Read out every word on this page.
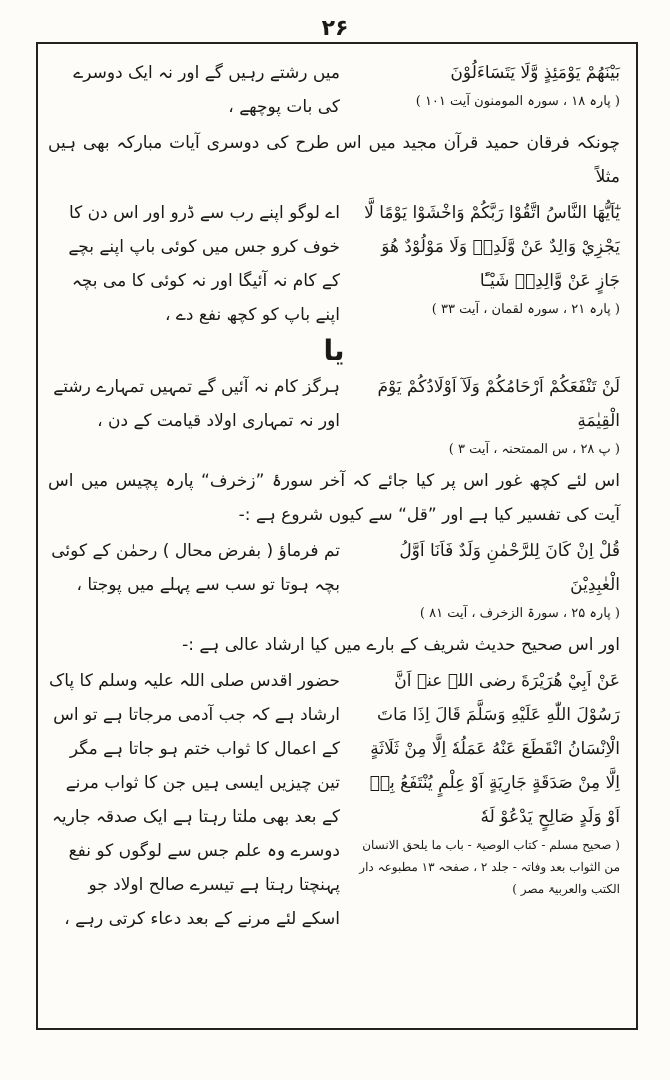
۲۶
بَيْنَهُمْ يَوْمَئِذٍ وَّلَا يَتَسَاءَلُوْنَ
( پارہ ۱۸ ، سورہ المومنون آیت ۱۰۱ )
میں رشتے رہیں گے اور نہ ایک دوسرے
کی بات پوچھے ،
چونکہ فرقان حمید قرآن مجید میں اس طرح کی دوسری آیات مبارکہ بھی ہیں مثلاً
يٰٓاَيُّهَا النَّاسُ اتَّقُوْا رَبَّكُمْ وَاخْشَوْا يَوْمًا لَّا يَجْزِيْ وَالِدٌ عَنْ وَّلَدِهٖ وَلَا مَوْلُوْدٌ هُوَ جَازٍ عَنْ وَّالِدِهٖ شَيْـًٔا
( پارہ ۲۱ ، سورہ لقمان ، آیت ۳۳ )
اے لوگو اپنے رب سے ڈرو اور اس دن کا خوف کرو جس میں کوئی باپ اپنے بچے کے کام نہ آئیگا اور نہ کوئی کا می بچہ اپنے باپ کو کچھ نفع دے ،
یا
لَنْ تَنْفَعَكُمْ اَرْحَامُكُمْ وَلَآ اَوْلَادُكُمْ يَوْمَ الْقِيٰمَةِ
( پ ۲۸ ، س الممتحنہ ، آیت ۳ )
ہرگز کام نہ آئیں گے تمہیں تمہارے رشتے اور نہ تمہاری اولاد قیامت کے دن ،
اس لئے کچھ غور اس پر کیا جائے کہ آخر سورۂ ”زخرف“ پارہ پچیس میں اس آیت کی تفسیر کیا ہے اور ”قل“ سے کیوں شروع ہے :-
قُلْ اِنْ كَانَ لِلرَّحْمٰنِ وَلَدٌ فَاَنَا اَوَّلُ الْعٰبِدِيْنَ
( پارہ ۲۵ ، سورۃ الزخرف ، آیت ۸۱ )
تم فرماؤ ( بفرض محال ) رحمٰن کے کوئی بچہ ہوتا تو سب سے پہلے میں پوجتا ،
اور اس صحیح حدیث شریف کے بارے میں کیا ارشاد عالی ہے :-
عَنْ اَبِيْ هُرَيْرَةَ رضی اللہ عنہ اَنَّ رَسُوْلَ اللّٰهِ عَلَيْهِ وَسَلَّمَ قَالَ اِذَا مَاتَ الْاِنْسَانُ انْقَطَعَ عَنْهُ عَمَلُهٗ اِلَّا مِنْ ثَلَاثَةٍ اِلَّا مِنْ صَدَقَةٍ جَارِيَةٍ اَوْ عِلْمٍ يُنْتَفَعُ بِهٖ اَوْ وَلَدٍ صَالِحٍ يَدْعُوْ لَهٗ
( صحیح مسلم - کتاب الوصیۃ - باب ما یلحق الانسان من الثواب بعد وفاتہ - جلد ۲ ، صفحہ ۱۳ مطبوعہ دار الکتب والعربیۃ مصر )
حضور اقدس صلی اللہ علیہ وسلم کا پاک ارشاد ہے کہ جب آدمی مرجاتا ہے تو اس کے اعمال کا ثواب ختم ہو جاتا ہے مگر تین چیزیں ایسی ہیں جن کا ثواب مرنے کے بعد بھی ملتا رہتا ہے ایک صدقہ جاریہ دوسرے وہ علم جس سے لوگوں کو نفع پہنچتا رہتا ہے تیسرے صالح اولاد جو اسکے لئے مرنے کے بعد دعاء کرتی رہے ،
